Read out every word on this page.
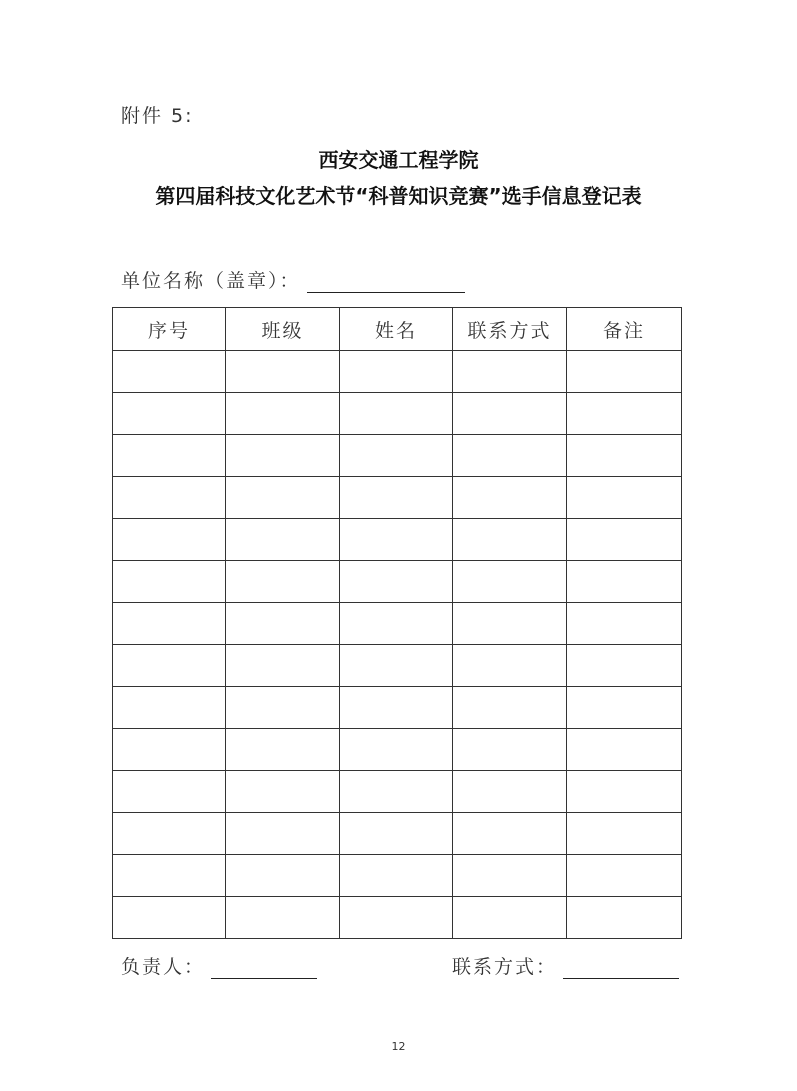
附件 5:
西安交通工程学院
第四届科技文化艺术节“科普知识竞赛”选手信息登记表
单位名称（盖章）：
序号	班级	姓名	联系方式	备注

负责人：	联系方式：
12
